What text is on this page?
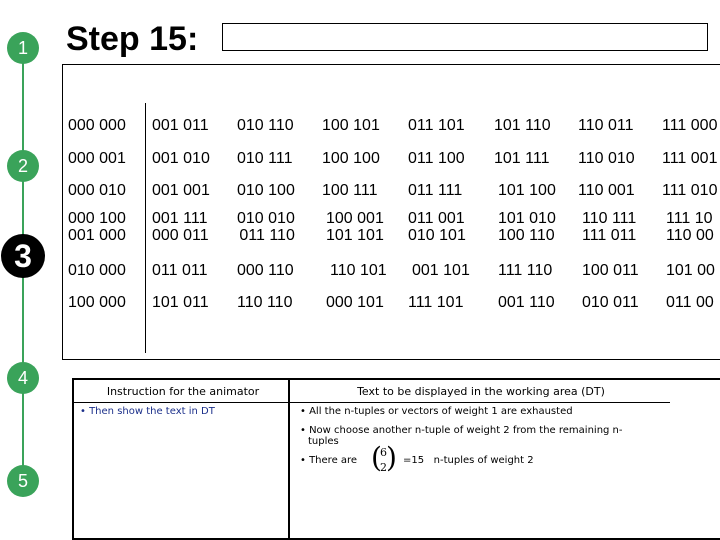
1
2
3
4
5
Step 15:
000 000 001 011 010 110 100 101 011 101 101 110 110 011 111 000
000 001 001 010 010 111 100 100 011 100 101 111 110 010 111 001
000 010 001 001 010 100 100 111 011 111 101 100 110 001 111 010
000 100
001 000
001 111
000 011
010 010
011 110
100 001
101 101
011 001
010 101
101 010
100 110
110 111
111 011
111 10
110 00
010 000 011 011 000 110 110 101 001 101 111 110 100 011 101 00
100 000 101 011 110 110 000 101 111 101 001 110 010 011 011 00
Instruction for the animator	Text to be displayed in the working area (DT)
• Then show the text in DT	• All the n-tuples or vectors of weight 1 are exhausted
• Now choose another n-tuple of weight 2 from the remaining n-
tuples
• There are (
6
2 ) =15   n-tuples of weight 2
